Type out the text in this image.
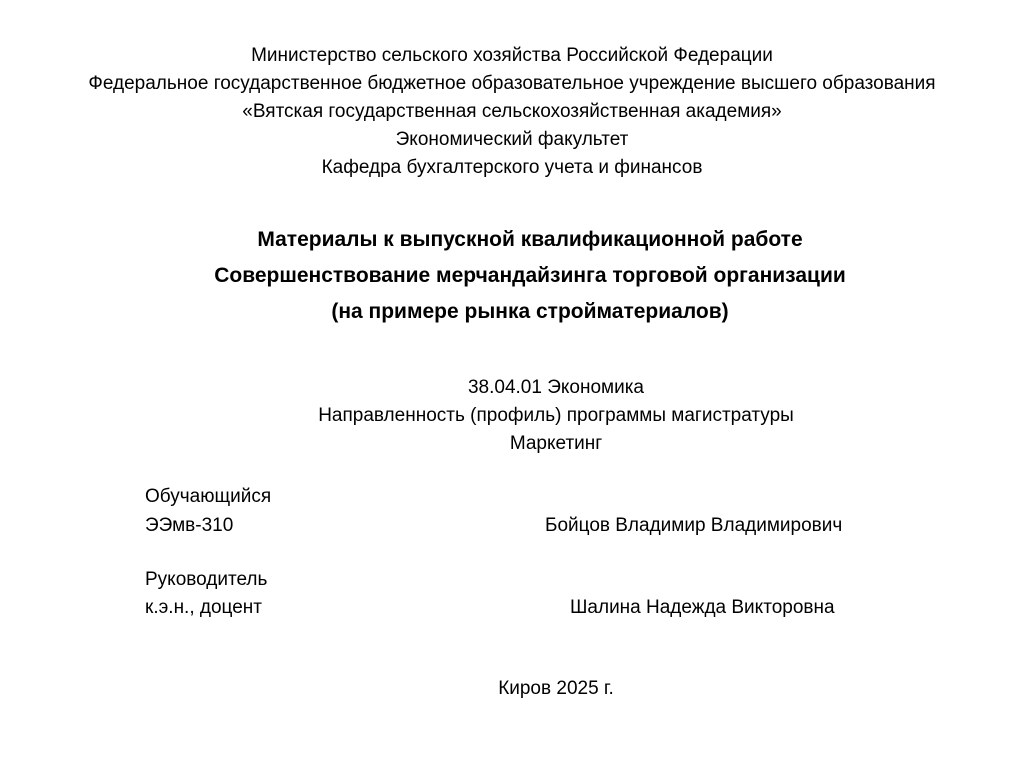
Министерство сельского хозяйства Российской Федерации
Федеральное государственное бюджетное образовательное учреждение высшего образования
«Вятская государственная сельскохозяйственная академия»
Экономический факультет
Кафедра бухгалтерского учета и финансов
Материалы к выпускной квалификационной работе
Совершенствование мерчандайзинга торговой организации
(на примере рынка стройматериалов)
38.04.01 Экономика
Направленность (профиль) программы магистратуры
Маркетинг
Обучающийся
ЭЭмв-310	Бойцов Владимир Владимирович
Руководитель
к.э.н., доцент	Шалина Надежда Викторовна
Киров 2025 г.
